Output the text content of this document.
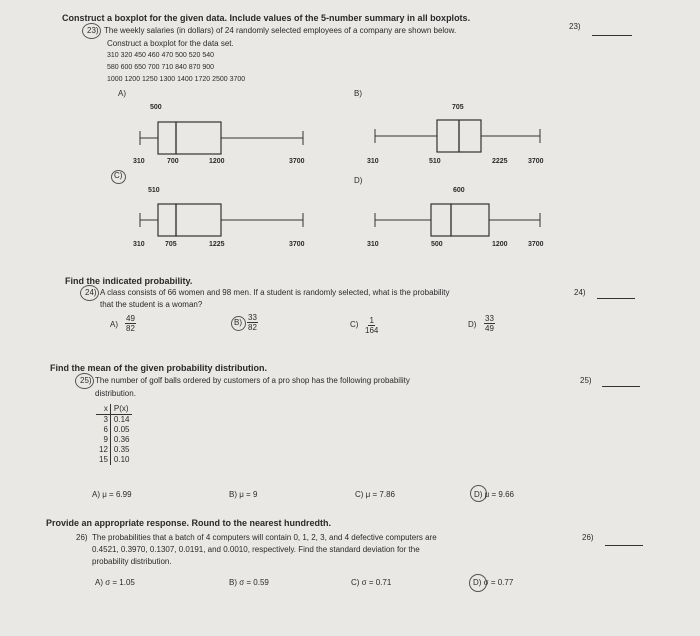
Construct a boxplot for the given data. Include values of the 5-number summary in all boxplots.
23) The weekly salaries (in dollars) of 24 randomly selected employees of a company are shown below.	23)
Construct a boxplot for the data set.
310 320 450 460 470 500 520 540
580 600 650 700 710 840 870 900
1000 1200 1250 1300 1400 1720 2500 3700
A)	B)
500
310	700	1200	3700
705
310	510	2225	3700
C)
D)
510
310	705	1225	3700
600
310	500	1200	3700
Find the indicated probability.
24) A class consists of 66 women and 98 men. If a student is randomly selected, what is the probability
that the student is a woman?
24)
$A) \frac{49}{82}$	$B) \frac{33}{82}$	$C) \frac{1}{164}$	$D) \frac{33}{49}$
Find the mean of the given probability distribution.
25) The number of golf balls ordered by customers of a pro shop has the following probability
distribution.
25)
x	P(x)
3	0.14
6	0.05
9	0.36
12	0.35
15	0.10
A) μ = 6.99	B) μ = 9	C) μ = 7.86	D) μ = 9.66
Provide an appropriate response. Round to the nearest hundredth.
26) The probabilities that a batch of 4 computers will contain 0, 1, 2, 3, and 4 defective computers are
0.4521, 0.3970, 0.1307, 0.0191, and 0.0010, respectively. Find the standard deviation for the
probability distribution.
26)
A) σ = 1.05	B) σ = 0.59	C) σ = 0.71	D) σ = 0.77
